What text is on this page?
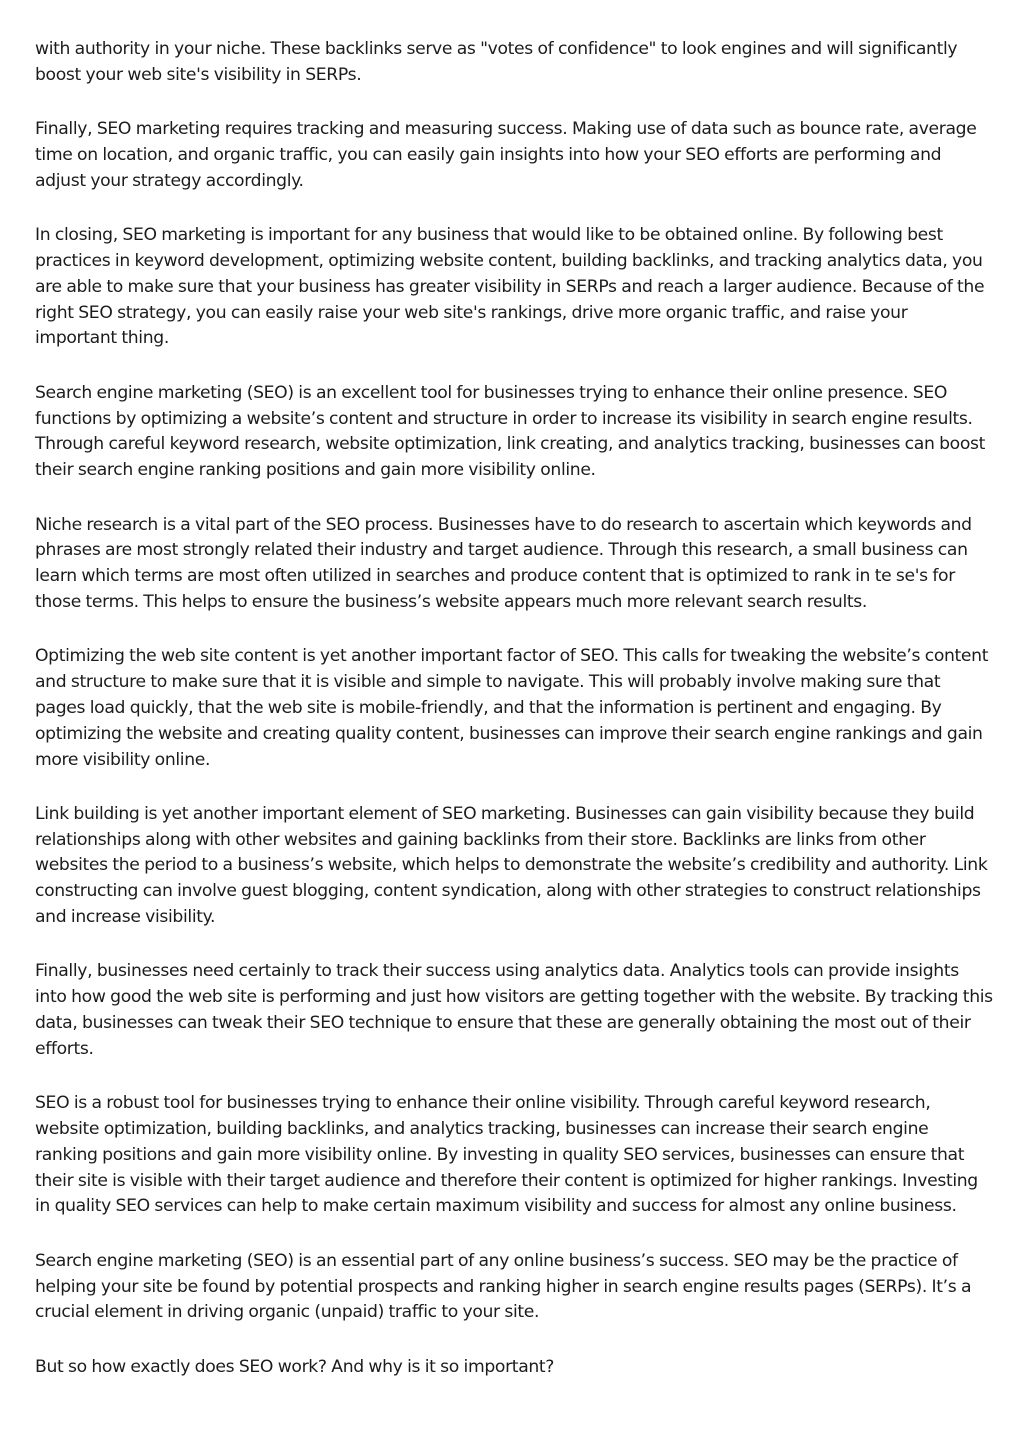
with authority in your niche. These backlinks serve as "votes of confidence" to look engines and will significantly boost your web site's visibility in SERPs.

Finally, SEO marketing requires tracking and measuring success. Making use of data such as bounce rate, average time on location, and organic traffic, you can easily gain insights into how your SEO efforts are performing and adjust your strategy accordingly.

In closing, SEO marketing is important for any business that would like to be obtained online. By following best practices in keyword development, optimizing website content, building backlinks, and tracking analytics data, you are able to make sure that your business has greater visibility in SERPs and reach a larger audience. Because of the right SEO strategy, you can easily raise your web site's rankings, drive more organic traffic, and raise your important thing.

Search engine marketing (SEO) is an excellent tool for businesses trying to enhance their online presence. SEO functions by optimizing a website’s content and structure in order to increase its visibility in search engine results. Through careful keyword research, website optimization, link creating, and analytics tracking, businesses can boost their search engine ranking positions and gain more visibility online.

Niche research is a vital part of the SEO process. Businesses have to do research to ascertain which keywords and phrases are most strongly related their industry and target audience. Through this research, a small business can learn which terms are most often utilized in searches and produce content that is optimized to rank in te se's for those terms. This helps to ensure the business’s website appears much more relevant search results.

Optimizing the web site content is yet another important factor of SEO. This calls for tweaking the website’s content and structure to make sure that it is visible and simple to navigate. This will probably involve making sure that pages load quickly, that the web site is mobile-friendly, and that the information is pertinent and engaging. By optimizing the website and creating quality content, businesses can improve their search engine rankings and gain more visibility online.

Link building is yet another important element of SEO marketing. Businesses can gain visibility because they build relationships along with other websites and gaining backlinks from their store. Backlinks are links from other websites the period to a business’s website, which helps to demonstrate the website’s credibility and authority. Link constructing can involve guest blogging, content syndication, along with other strategies to construct relationships and increase visibility.

Finally, businesses need certainly to track their success using analytics data. Analytics tools can provide insights into how good the web site is performing and just how visitors are getting together with the website. By tracking this data, businesses can tweak their SEO technique to ensure that these are generally obtaining the most out of their efforts.

SEO is a robust tool for businesses trying to enhance their online visibility. Through careful keyword research, website optimization, building backlinks, and analytics tracking, businesses can increase their search engine ranking positions and gain more visibility online. By investing in quality SEO services, businesses can ensure that their site is visible with their target audience and therefore their content is optimized for higher rankings. Investing in quality SEO services can help to make certain maximum visibility and success for almost any online business.

Search engine marketing (SEO) is an essential part of any online business’s success. SEO may be the practice of helping your site be found by potential prospects and ranking higher in search engine results pages (SERPs). It’s a crucial element in driving organic (unpaid) traffic to your site.

But so how exactly does SEO work? And why is it so important?
